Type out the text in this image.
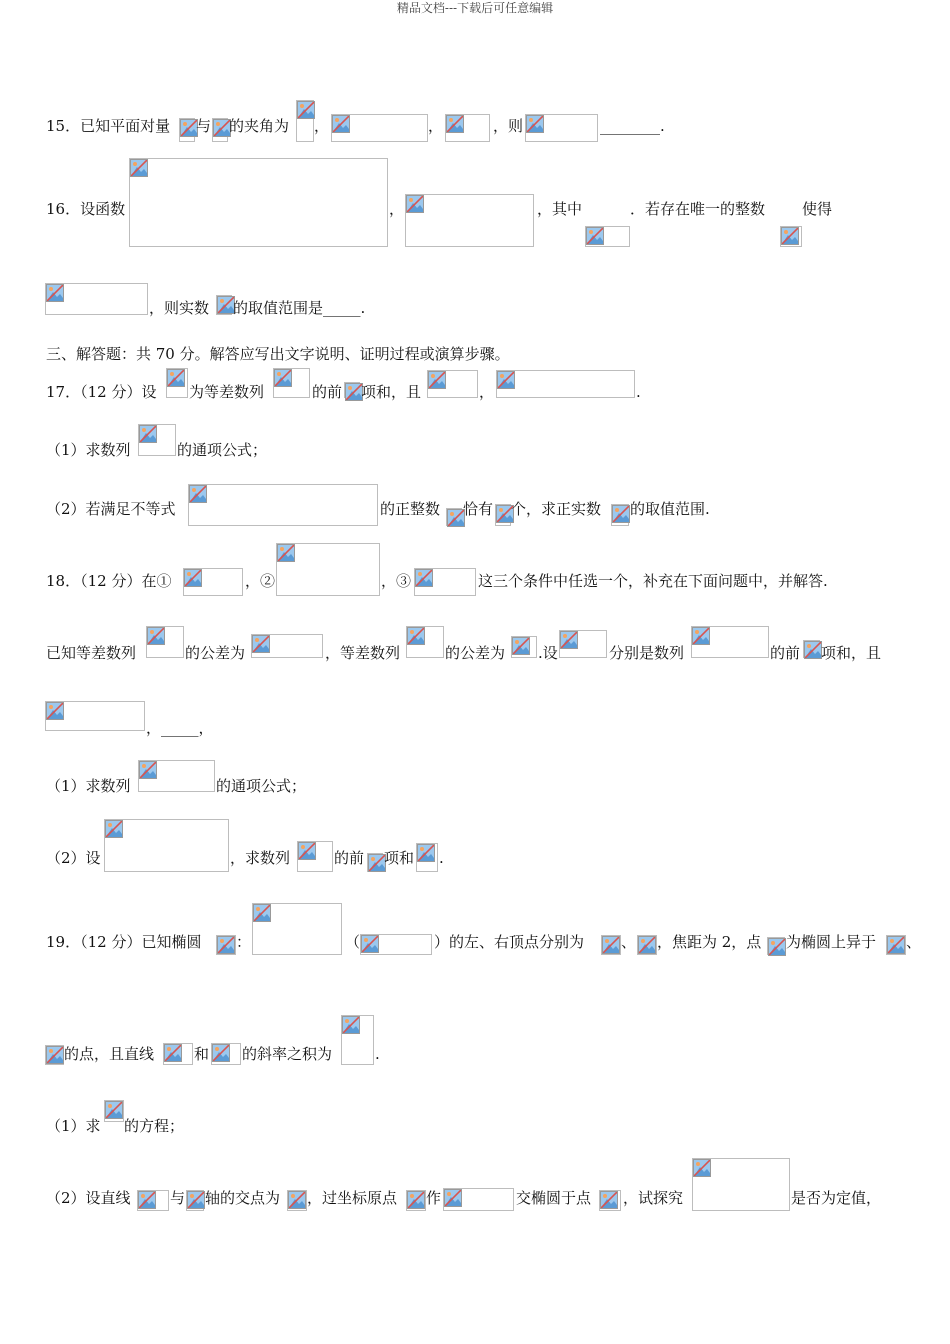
精品文档---下载后可任意编辑
15．已知平面对量 与 的夹角为 ，	，	，则	________.
16．设函数	，	，其中	．若存在唯一的整数 使得
，则实数 的取值范围是_____.
三、解答题：共 70 分。解答应写出文字说明、证明过程或演算步骤。
17．（12 分）设 为等差数列	的前 项和，且	，	.
（1）求数列	的通项公式；
（2）若满足不等式	的正整数 恰有 个，求正实数 的取值范围.
18．（12 分）在①	，②	，③	这三个条件中任选一个，补充在下面问题中，并解答.
已知等差数列	的公差为	，等差数列	的公差为 .设	分别是数列	的前 项和，且
，_____，
（1）求数列	的通项公式；
（2）设	，求数列	的前 项和 .
19．（12 分）已知椭圆 ：	（	）的左、右顶点分别为 、 ，焦距为 2，点 为椭圆上异于 、
的点，且直线	和 的斜率之积为	.
（1）求 的方程；
（2）设直线	与 轴的交点为 ，过坐标原点 作	交椭圆于点 ，试探究	是否为定值，
